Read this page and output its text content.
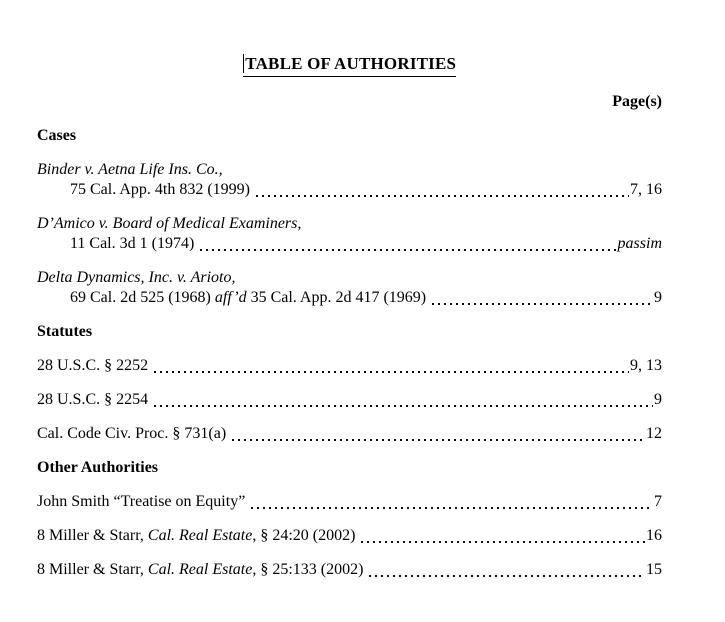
TABLE OF AUTHORITIES
Page(s)
Cases
Binder v. Aetna Life Ins. Co.,
75 Cal. App. 4th 832 (1999)	7, 16
D’Amico v. Board of Medical Examiners,
11 Cal. 3d 1 (1974)	passim
Delta Dynamics, Inc. v. Arioto,
69 Cal. 2d 525 (1968) aff’d 35 Cal. App. 2d 417 (1969)	9
Statutes
28 U.S.C. § 2252	9, 13
28 U.S.C. § 2254	9
Cal. Code Civ. Proc. § 731(a)	12
Other Authorities
John Smith “Treatise on Equity”	7
8 Miller & Starr, Cal. Real Estate , § 24:20 (2002)	16
8 Miller & Starr, Cal. Real Estate , § 25:133 (2002)	15
